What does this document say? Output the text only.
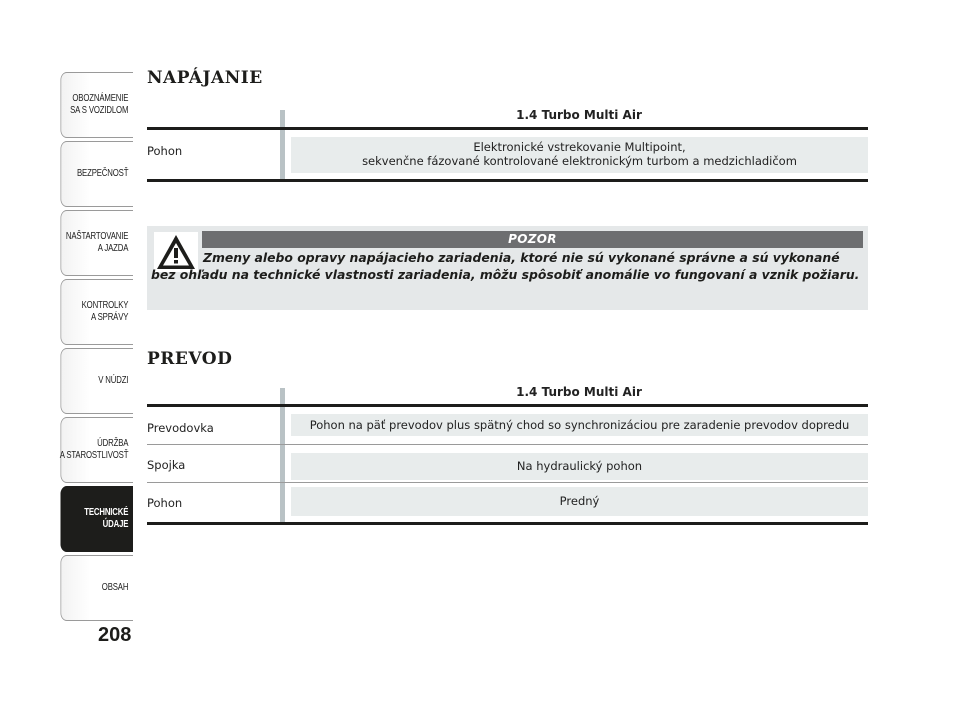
OBOZNÁMENIE
SA S VOZIDLOM
BEZPEČNOSŤ
NAŠTARTOVANIE
A JAZDA
KONTROLKY
A SPRÁVY
V NÚDZI
ÚDRŽBA
A STAROSTLIVOSŤ
TECHNICKÉ
ÚDAJE
OBSAH
208
NAPÁJANIE
1.4 Turbo Multi Air
Pohon	Elektronické vstrekovanie Multipoint,
sekvenčne fázované kontrolované elektronickým turbom a medzichladičom
POZOR
Zmeny alebo opravy napájacieho zariadenia, ktoré nie sú vykonané správne a sú vykonané bez ohľadu na technické vlastnosti zariadenia, môžu spôsobiť anomálie vo fungovaní a vznik požiaru.
PREVOD
1.4 Turbo Multi Air
Prevodovka	Pohon na päť prevodov plus spätný chod so synchronizáciou pre zaradenie prevodov dopredu
Spojka	Na hydraulický pohon
Pohon	Predný
